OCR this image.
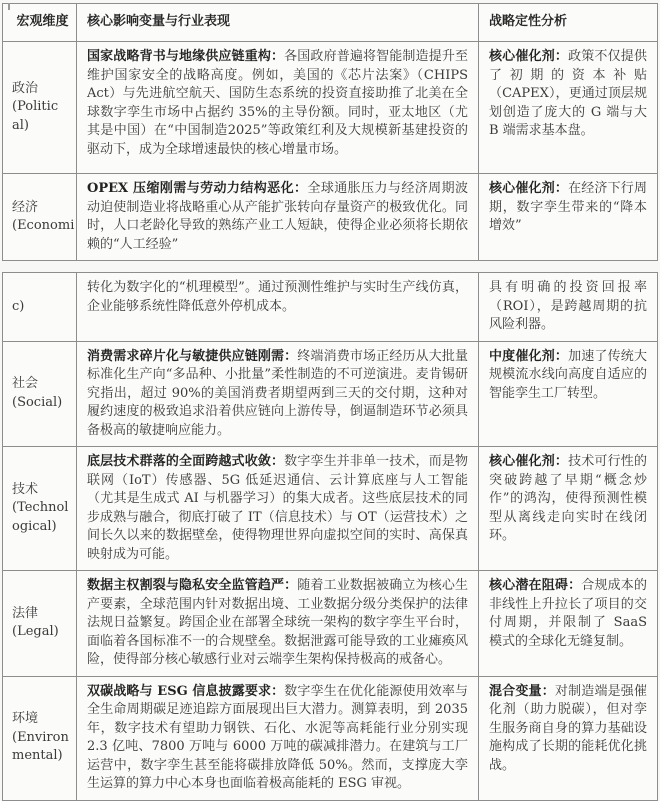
宏观维度	核心影响变量与行业表现	战略定性分析
政治
(Politic
al)

国家战略背书与地缘供应链重构：各国政府普遍将智能制造提升至维护国家安全的战略高度。例如，美国的《芯片法案》（CHIPS Act）与先进航空航天、国防生态系统的投资直接助推了北美在全球数字孪生市场中占据约 35%的主导份额。同时，亚太地区（尤其是中国）在“中国制造2025”等政策红利及大规模新基建投资的驱动下，成为全球增速最快的核心增量市场。

核心催化剂：政策不仅提供了初期的资本补贴（CAPEX），更通过顶层规划创造了庞大的 G 端与大 B 端需求基本盘。

经济
(Economi

OPEX 压缩刚需与劳动力结构恶化：全球通胀压力与经济周期波动迫使制造业将战略重心从产能扩张转向存量资产的极致优化。同时，人口老龄化导致的熟练产业工人短缺，使得企业必须将长期依赖的“人工经验”

核心催化剂：在经济下行周期，数字孪生带来的“降本增效”

c)

转化为数字化的“机理模型”。通过预测性维护与实时生产线仿真，企业能够系统性降低意外停机成本。

具有明确的投资回报率（ROI），是跨越周期的抗风险利器。

社会
(Social)

消费需求碎片化与敏捷供应链刚需：终端消费市场正经历从大批量标准化生产向“多品种、小批量”柔性制造的不可逆演进。麦肯锡研究指出，超过 90%的美国消费者期望两到三天的交付期，这种对履约速度的极致追求沿着供应链向上游传导，倒逼制造环节必须具备极高的敏捷响应能力。

中度催化剂：加速了传统大规模流水线向高度自适应的智能孪生工厂转型。

技术
(Technol
ogical)

底层技术群落的全面跨越式收敛：数字孪生并非单一技术，而是物联网（IoT）传感器、5G 低延迟通信、云计算底座与人工智能（尤其是生成式 AI 与机器学习）的集大成者。这些底层技术的同步成熟与融合，彻底打破了 IT（信息技术）与 OT（运营技术）之间长久以来的数据壁垒，使得物理世界向虚拟空间的实时、高保真映射成为可能。

核心催化剂：技术可行性的突破跨越了早期“概念炒作”的鸿沟，使得预测性模型从离线走向实时在线闭环。

法律
(Legal)

数据主权割裂与隐私安全监管趋严：随着工业数据被确立为核心生产要素，全球范围内针对数据出境、工业数据分级分类保护的法律法规日益繁复。跨国企业在部署全球统一架构的数字孪生平台时，面临着各国标准不一的合规壁垒。数据泄露可能导致的工业瘫痪风险，使得部分核心敏感行业对云端孪生架构保持极高的戒备心。

核心潜在阻碍：合规成本的非线性上升拉长了项目的交付周期，并限制了 SaaS 模式的全球化无缝复制。

环境
(Environ
mental)

双碳战略与 ESG 信息披露要求：数字孪生在优化能源使用效率与全生命周期碳足迹追踪方面展现出巨大潜力。测算表明，到 2035 年，数字技术有望助力钢铁、石化、水泥等高耗能行业分别实现 2.3 亿吨、7800 万吨与 6000 万吨的碳减排潜力。在建筑与工厂运营中，数字孪生甚至能将碳排放降低 50%。然而，支撑庞大孪生运算的算力中心本身也面临着极高能耗的 ESG 审视。

混合变量：对制造端是强催化剂（助力脱碳），但对孪生服务商自身的算力基础设施构成了长期的能耗优化挑战。
